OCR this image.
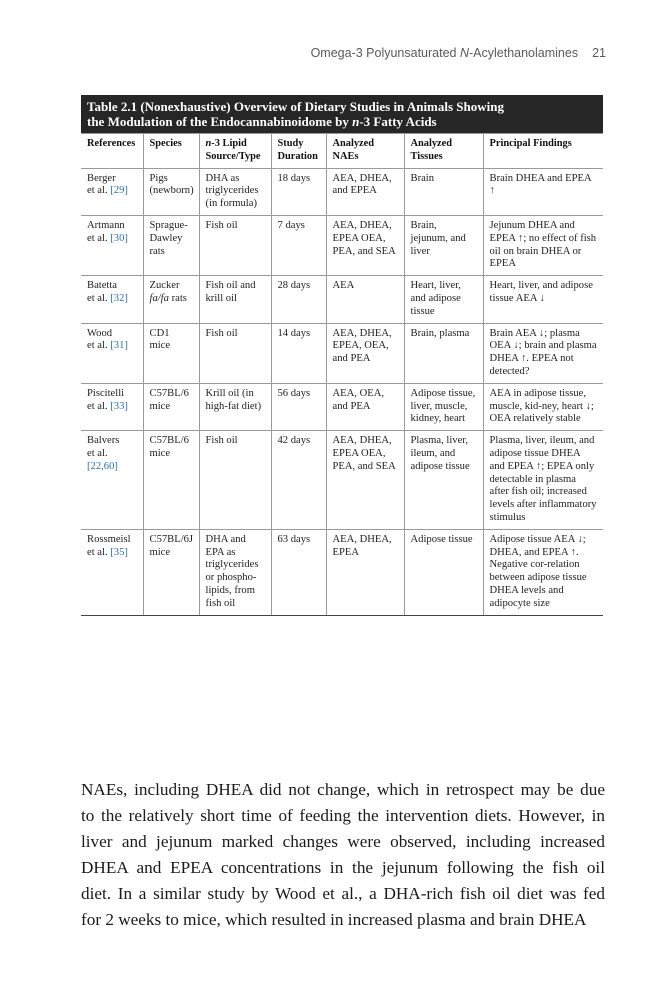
Omega-3 Polyunsaturated N-Acylethanolamines 21
Table 2.1 (Nonexhaustive) Overview of Dietary Studies in Animals Showing
the Modulation of the Endocannabinoidome by n-3 Fatty Acids
References	Species	n-3 Lipid Source/Type	Study Duration	Analyzed NAEs	Analyzed Tissues	Principal Findings
Berger
et al. [29]	Pigs (newborn)	DHA as triglycerides (in formula)	18 days	AEA, DHEA, and EPEA	Brain	Brain DHEA and EPEA ↑
Artmann
et al. [30]	Sprague-Dawley rats	Fish oil	7 days	AEA, DHEA, EPEA OEA, PEA, and SEA	Brain, jejunum, and liver	Jejunum DHEA and EPEA ↑; no effect of fish oil on brain DHEA or EPEA
Batetta
et al. [32]	Zucker fa/fa rats	Fish oil and krill oil	28 days	AEA	Heart, liver, and adipose tissue	Heart, liver, and adipose tissue AEA ↓
Wood
et al. [31]	CD1 mice	Fish oil	14 days	AEA, DHEA, EPEA, OEA, and PEA	Brain, plasma	Brain AEA ↓; plasma OEA ↓; brain and plasma DHEA ↑. EPEA not detected?
Piscitelli
et al. [33]	C57BL/6 mice	Krill oil (in high-fat diet)	56 days	AEA, OEA, and PEA	Adipose tissue, liver, muscle, kidney, heart	AEA in adipose tissue, muscle, kid-ney, heart ↓; OEA relatively stable
Balvers
et al. [22,60]	C57BL/6 mice	Fish oil	42 days	AEA, DHEA, EPEA OEA, PEA, and SEA	Plasma, liver, ileum, and adipose tissue	Plasma, liver, ileum, and adipose tissue DHEA and EPEA ↑; EPEA only detectable in plasma after fish oil; increased levels after inflammatory stimulus
Rossmeisl
et al. [35]	C57BL/6J mice	DHA and EPA as triglycerides or phospho-lipids, from fish oil	63 days	AEA, DHEA, EPEA	Adipose tissue	Adipose tissue AEA ↓; DHEA, and EPEA ↑. Negative cor-relation between adipose tissue DHEA levels and adipocyte size
NAEs, including DHEA did not change, which in retrospect may be due
to the relatively short time of feeding the intervention diets. However, in
liver and jejunum marked changes were observed, including increased
DHEA and EPEA concentrations in the jejunum following the fish oil
diet. In a similar study by Wood et al., a DHA-rich fish oil diet was fed
for 2 weeks to mice, which resulted in increased plasma and brain DHEA
